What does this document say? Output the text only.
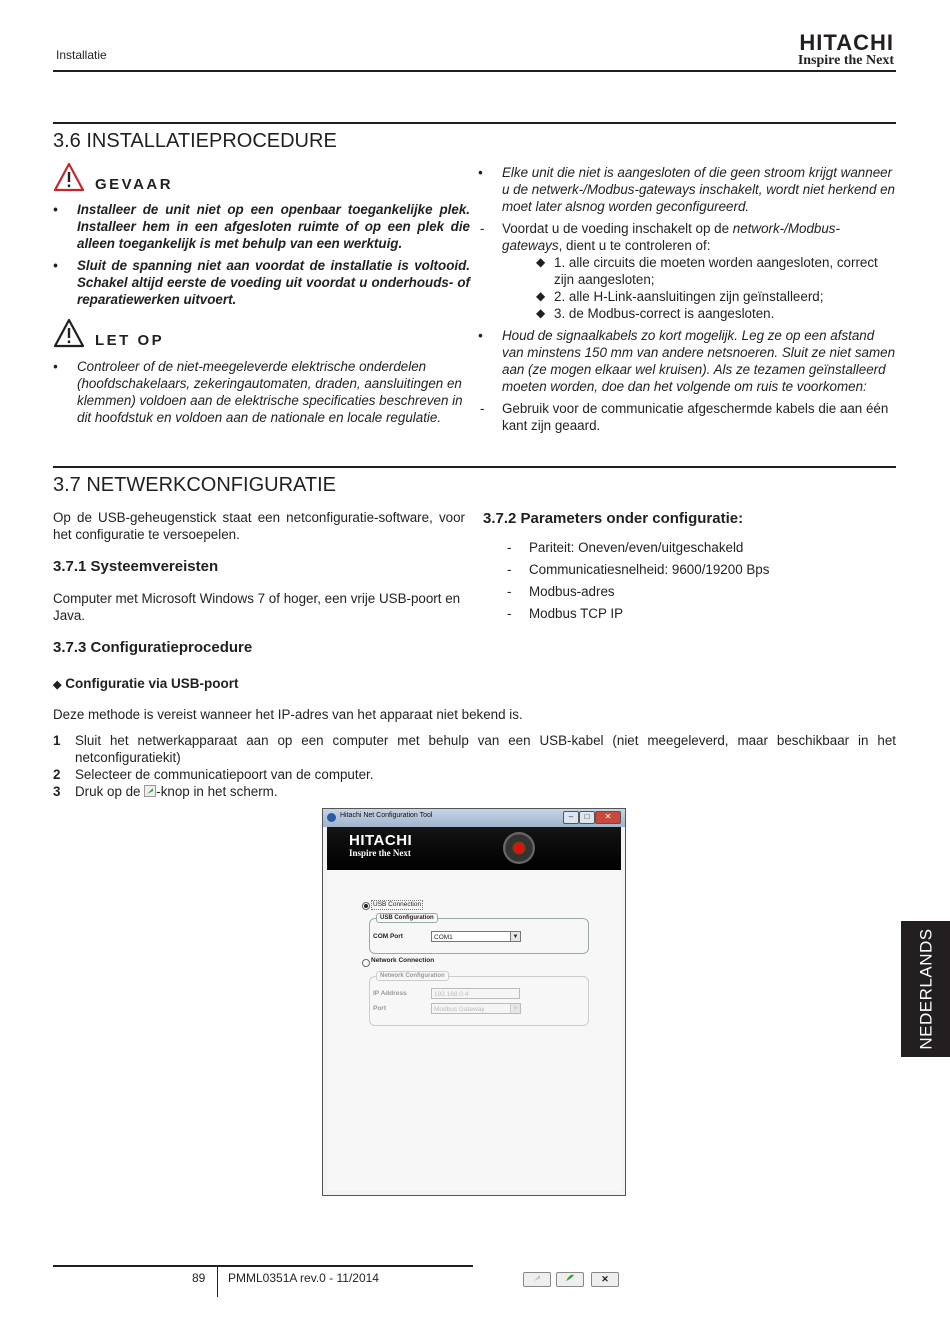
Installatie	HITACHI
Inspire the Next
3.6 INSTALLATIEPROCEDURE
GEVAAR
• Installeer de unit niet op een openbaar toegankelijke plek. Installeer hem in een afgesloten ruimte of op een plek die alleen toegankelijk is met behulp van een werktuig.
• Sluit de spanning niet aan voordat de installatie is voltooid. Schakel altijd eerste de voeding uit voordat u onderhouds- of reparatiewerken uitvoert.
LET OP
• Controleer of de niet-meegeleverde elektrische onderdelen (hoofdschakelaars, zekeringautomaten, draden, aansluitingen en klemmen) voldoen aan de elektrische specificaties beschreven in dit hoofdstuk en voldoen aan de nationale en locale regulatie.
• Elke unit die niet is aangesloten of die geen stroom krijgt wanneer u de netwerk-/Modbus-gateways inschakelt, wordt niet herkend en moet later alsnog worden geconfigureerd.
- Voordat u de voeding inschakelt op de network-/Modbus-gateways, dient u te controleren of:
◆ 1. alle circuits die moeten worden aangesloten, correct zijn aangesloten;
◆ 2. alle H-Link-aansluitingen zijn geïnstalleerd;
◆ 3. de Modbus-correct is aangesloten.
• Houd de signaalkabels zo kort mogelijk. Leg ze op een afstand van minstens 150 mm van andere netsnoeren. Sluit ze niet samen aan (ze mogen elkaar wel kruisen). Als ze tezamen geïnstalleerd moeten worden, doe dan het volgende om ruis te voorkomen:
- Gebruik voor de communicatie afgeschermde kabels die aan één kant zijn geaard.
3.7 NETWERKCONFIGURATIE

Op de USB-geheugenstick staat een netconfiguratie-software, voor het configuratie te versoepelen.

3.7.1 Systeemvereisten

Computer met Microsoft Windows 7 of hoger, een vrije USB-poort en Java.

3.7.2 Parameters onder configuratie:
- Pariteit: Oneven/even/uitgeschakeld
- Communicatiesnelheid: 9600/19200 Bps
- Modbus-adres
- Modbus TCP IP
3.7.3 Configuratieprocedure
◆ Configuratie via USB-poort

Deze methode is vereist wanneer het IP-adres van het apparaat niet bekend is.

1 Sluit het netwerkapparaat aan op een computer met behulp van een USB-kabel (niet meegeleverd, maar beschikbaar in het netconfiguratiekit)
2 Selecteer de communicatiepoort van de computer.
3 Druk op de -knop in het scherm.
Hitachi Net Configuration Tool	–	□	✕
HITACHI
Inspire the Next
USB Connection
USB Configuration
COM Port	COM1	▼
Network Connection
Network Configuration
IP Address	192.168.0.4
Port	Modbus Gateway	▼
✕
NEDERLANDS
89 PMML0351A rev.0 - 11/2014
